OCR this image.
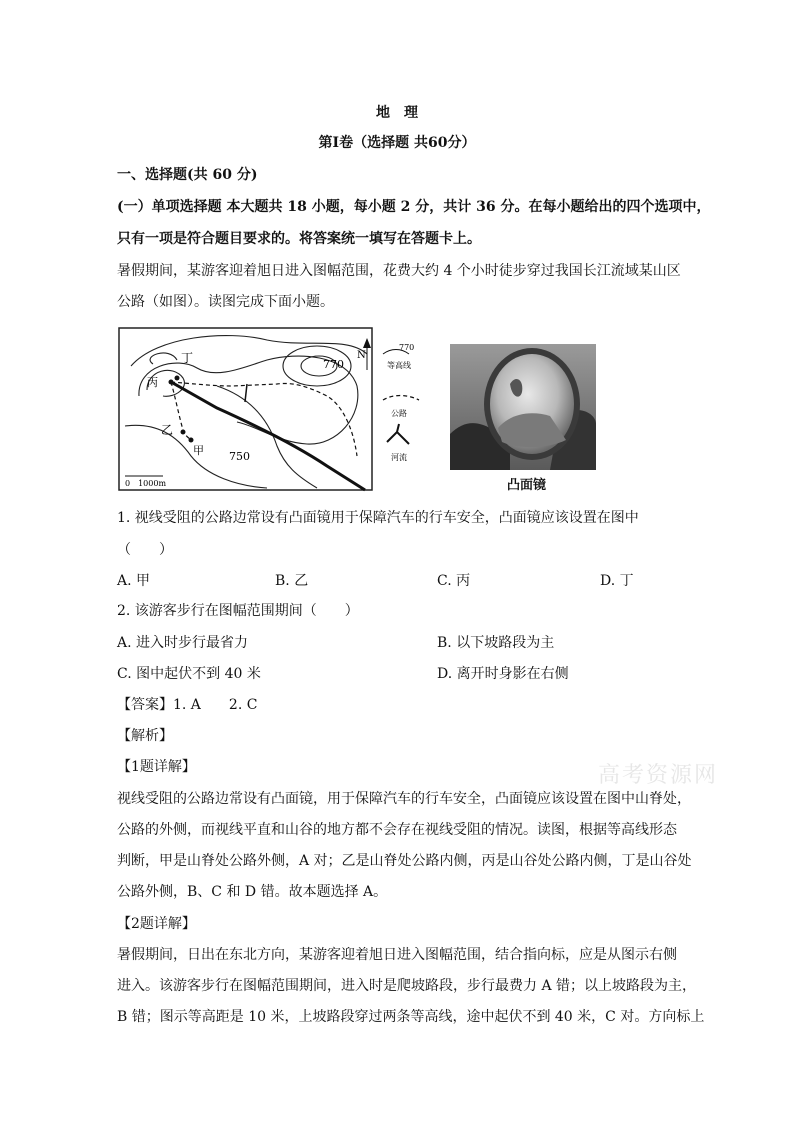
地　理
第Ⅰ卷（选择题 共60分）
一、选择题(共 60 分)
(一）单项选择题 本大题共 18 小题，每小题 2 分，共计 36 分。在每小题给出的四个选项中，
只有一项是符合题目要求的。将答案统一填写在答题卡上。
暑假期间，某游客迎着旭日进入图幅范围，花费大约 4 个小时徒步穿过我国长江流域某山区
公路（如图）。读图完成下面小题。
丁
丙
乙
甲
770
750
0　1000m
N
770
等高线
公路
河流
凸面镜
1. 视线受阻的公路边常设有凸面镜用于保障汽车的行车安全，凸面镜应该设置在图中
（　　）
A. 甲	B. 乙	C. 丙	D. 丁
2. 该游客步行在图幅范围期间（　　）
A. 进入时步行最省力	B. 以下坡路段为主
C. 图中起伏不到 40 米	D. 离开时身影在右侧
【答案】1. A　　2. C
【解析】
【1题详解】
视线受阻的公路边常设有凸面镜，用于保障汽车的行车安全，凸面镜应该设置在图中山脊处，
公路的外侧，而视线平直和山谷的地方都不会存在视线受阻的情况。读图，根据等高线形态
判断，甲是山脊处公路外侧，A 对；乙是山脊处公路内侧，丙是山谷处公路内侧，丁是山谷处
公路外侧，B、C 和 D 错。故本题选择 A。
【2题详解】
暑假期间，日出在东北方向，某游客迎着旭日进入图幅范围，结合指向标，应是从图示右侧
进入。该游客步行在图幅范围期间，进入时是爬坡路段，步行最费力 A 错；以上坡路段为主，
B 错；图示等高距是 10 米，上坡路段穿过两条等高线，途中起伏不到 40 米，C 对。方向标上
高考资源网
